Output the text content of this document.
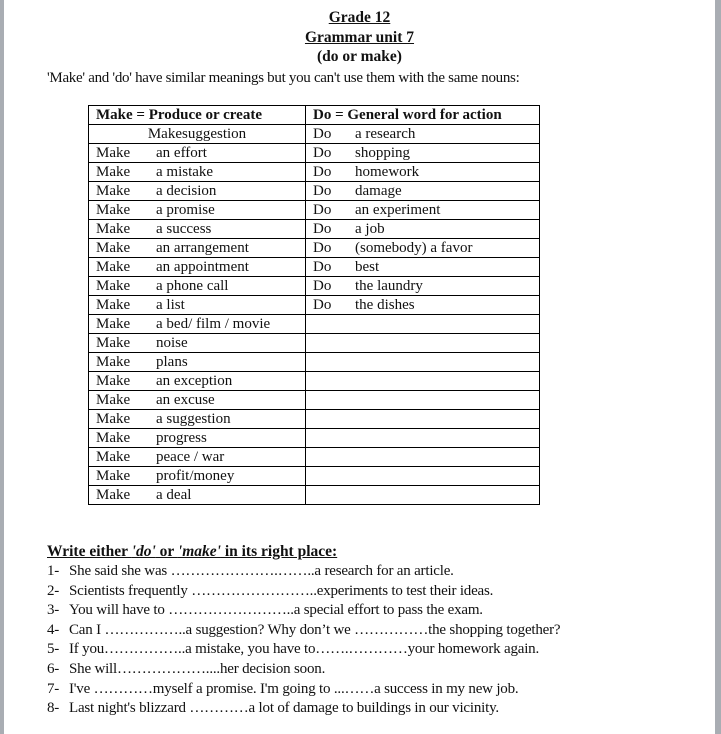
Grade 12
Grammar unit 7
(do or make)
'Make' and 'do' have similar meanings but you can't use them with the same nouns:
Make = Produce or create	Do = General word for action
Makesuggestion	Do a research
Make an effort	Do shopping
Make a mistake	Do homework
Make a decision	Do damage
Make a promise	Do an experiment
Make a success	Do a job
Make an arrangement	Do (somebody) a favor
Make an appointment	Do best
Make a phone call	Do the laundry
Make a list	Do the dishes
Make a bed/ film / movie	
Make noise	
Make plans	
Make an exception	
Make an excuse	
Make a suggestion	
Make progress	
Make peace / war	
Make profit/money	
Make a deal	
Write either 'do' or 'make' in its right place:
1- She said she was ………………….……..a research for an article.
2- Scientists frequently ……………………..experiments to test their ideas.
3- You will have to ……………………..a special effort to pass the exam.
4- Can I ……………..a suggestion? Why don’t we ……………the shopping together?
5- If you……………..a mistake, you have to…….…………your homework again.
6- She will………………....her decision soon.
7- I've …………myself a promise. I'm going to ...……a success in my new job.
8- Last night's blizzard …………a lot of damage to buildings in our vicinity.
